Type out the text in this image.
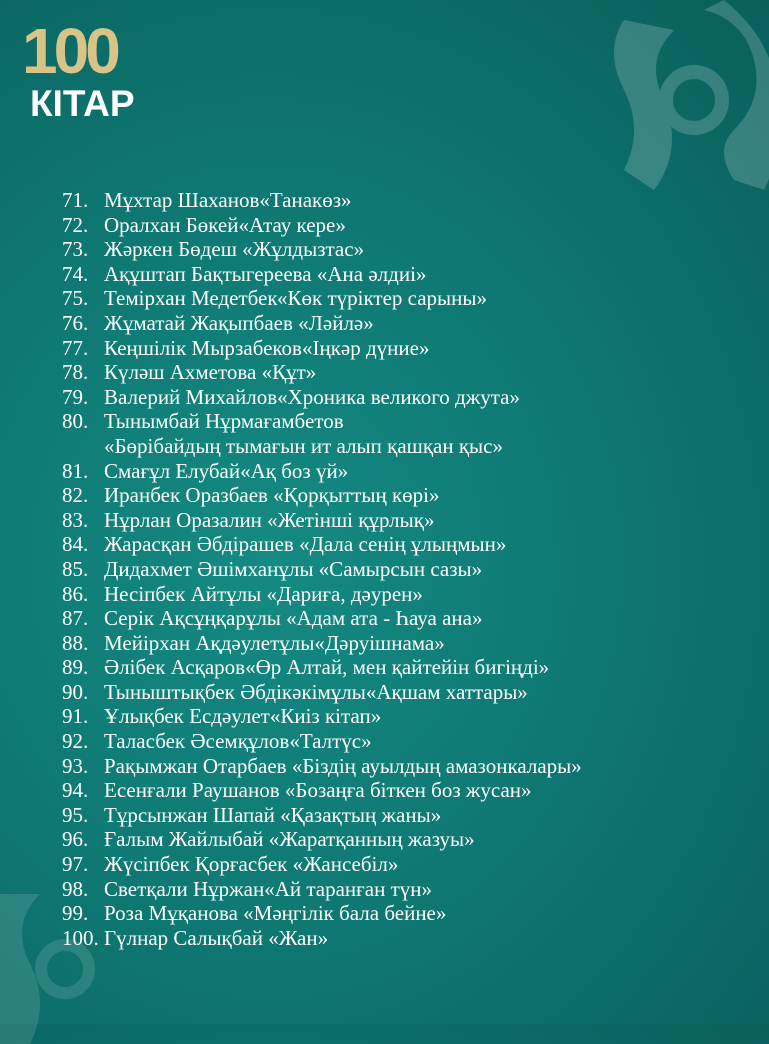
100
КІТАР
71. Мұхтар Шаханов«Танакөз»
72. Оралхан Бөкей«Атау кере»
73. Жәркен Бөдеш «Жұлдызтас»
74. Ақұштап Бақтыгереева «Ана әлдиі»
75. Темірхан Медетбек«Көк түріктер сарыны»
76. Жұматай Жақыпбаев «Ләйлә»
77. Кеңшілік Мырзабеков«Іңкәр дүние»
78. Күләш Ахметова «Құт»
79. Валерий Михайлов«Хроника великого джута»
80. Тынымбай Нұрмағамбетов
«Бөрібайдың тымағын ит алып қашқан қыс»
81. Смағұл Елубай«Ақ боз үй»
82. Иранбек Оразбаев «Қорқыттың көрі»
83. Нұрлан Оразалин «Жетінші құрлық»
84. Жарасқан Әбдірашев «Дала сенің ұлыңмын»
85. Дидахмет Әшімханұлы «Самырсын сазы»
86. Несіпбек Айтұлы «Дариға, дәурен»
87. Серік Ақсұңқарұлы «Адам ата - Һауа ана»
88. Мейірхан Ақдәулетұлы«Дәруішнама»
89. Әлібек Асқаров«Өр Алтай, мен қайтейін бигіңді»
90. Тыныштықбек Әбдікәкімұлы«Ақшам хаттары»
91. Ұлықбек Есдәулет«Киіз кітап»
92. Таласбек Әсемқұлов«Талтүс»
93. Рақымжан Отарбаев «Біздің ауылдың амазонкалары»
94. Есенғали Раушанов «Бозаңға біткен боз жусан»
95. Тұрсынжан Шапай «Қазақтың жаны»
96. Ғалым Жайлыбай «Жаратқанның жазуы»
97. Жүсіпбек Қорғасбек «Жансебіл»
98. Светқали Нұржан«Ай таранған түн»
99. Роза Мұқанова «Мәңгілік бала бейне»
100. Гүлнар Салықбай «Жан»
